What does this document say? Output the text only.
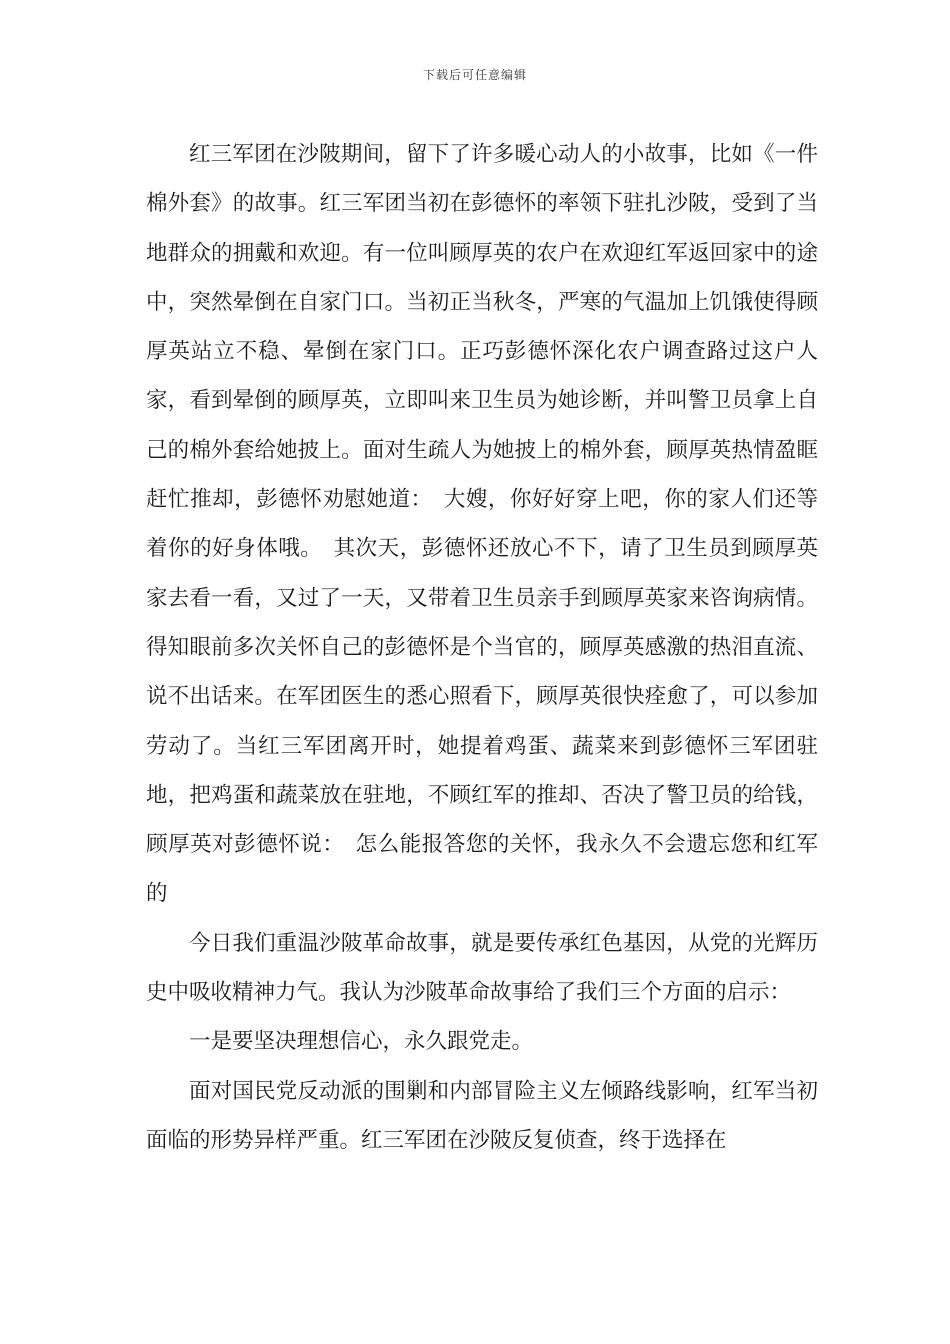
下载后可任意编辑

红三军团在沙陂期间，留下了许多暖心动人的小故事，比如《一件棉外套》的故事。红三军团当初在彭德怀的率领下驻扎沙陂，受到了当地群众的拥戴和欢迎。有一位叫顾厚英的农户在欢迎红军返回家中的途中，突然晕倒在自家门口。当初正当秋冬，严寒的气温加上饥饿使得顾厚英站立不稳、晕倒在家门口。正巧彭德怀深化农户调查路过这户人家，看到晕倒的顾厚英，立即叫来卫生员为她诊断，并叫警卫员拿上自己的棉外套给她披上。面对生疏人为她披上的棉外套，顾厚英热情盈眶赶忙推却，彭德怀劝慰她道：　大嫂，你好好穿上吧，你的家人们还等着你的好身体哦。　其次天，彭德怀还放心不下，请了卫生员到顾厚英家去看一看，又过了一天，又带着卫生员亲手到顾厚英家来咨询病情。得知眼前多次关怀自己的彭德怀是个当官的，顾厚英感激的热泪直流、说不出话来。在军团医生的悉心照看下，顾厚英很快痊愈了，可以参加劳动了。当红三军团离开时，她提着鸡蛋、蔬菜来到彭德怀三军团驻地，把鸡蛋和蔬菜放在驻地，不顾红军的推却、否决了警卫员的给钱，顾厚英对彭德怀说：　怎么能报答您的关怀，我永久不会遗忘您和红军的

今日我们重温沙陂革命故事，就是要传承红色基因，从党的光辉历史中吸收精神力气。我认为沙陂革命故事给了我们三个方面的启示：

一是要坚决理想信心，永久跟党走。

面对国民党反动派的围剿和内部冒险主义左倾路线影响，红军当初面临的形势异样严重。红三军团在沙陂反复侦查，终于选择在
